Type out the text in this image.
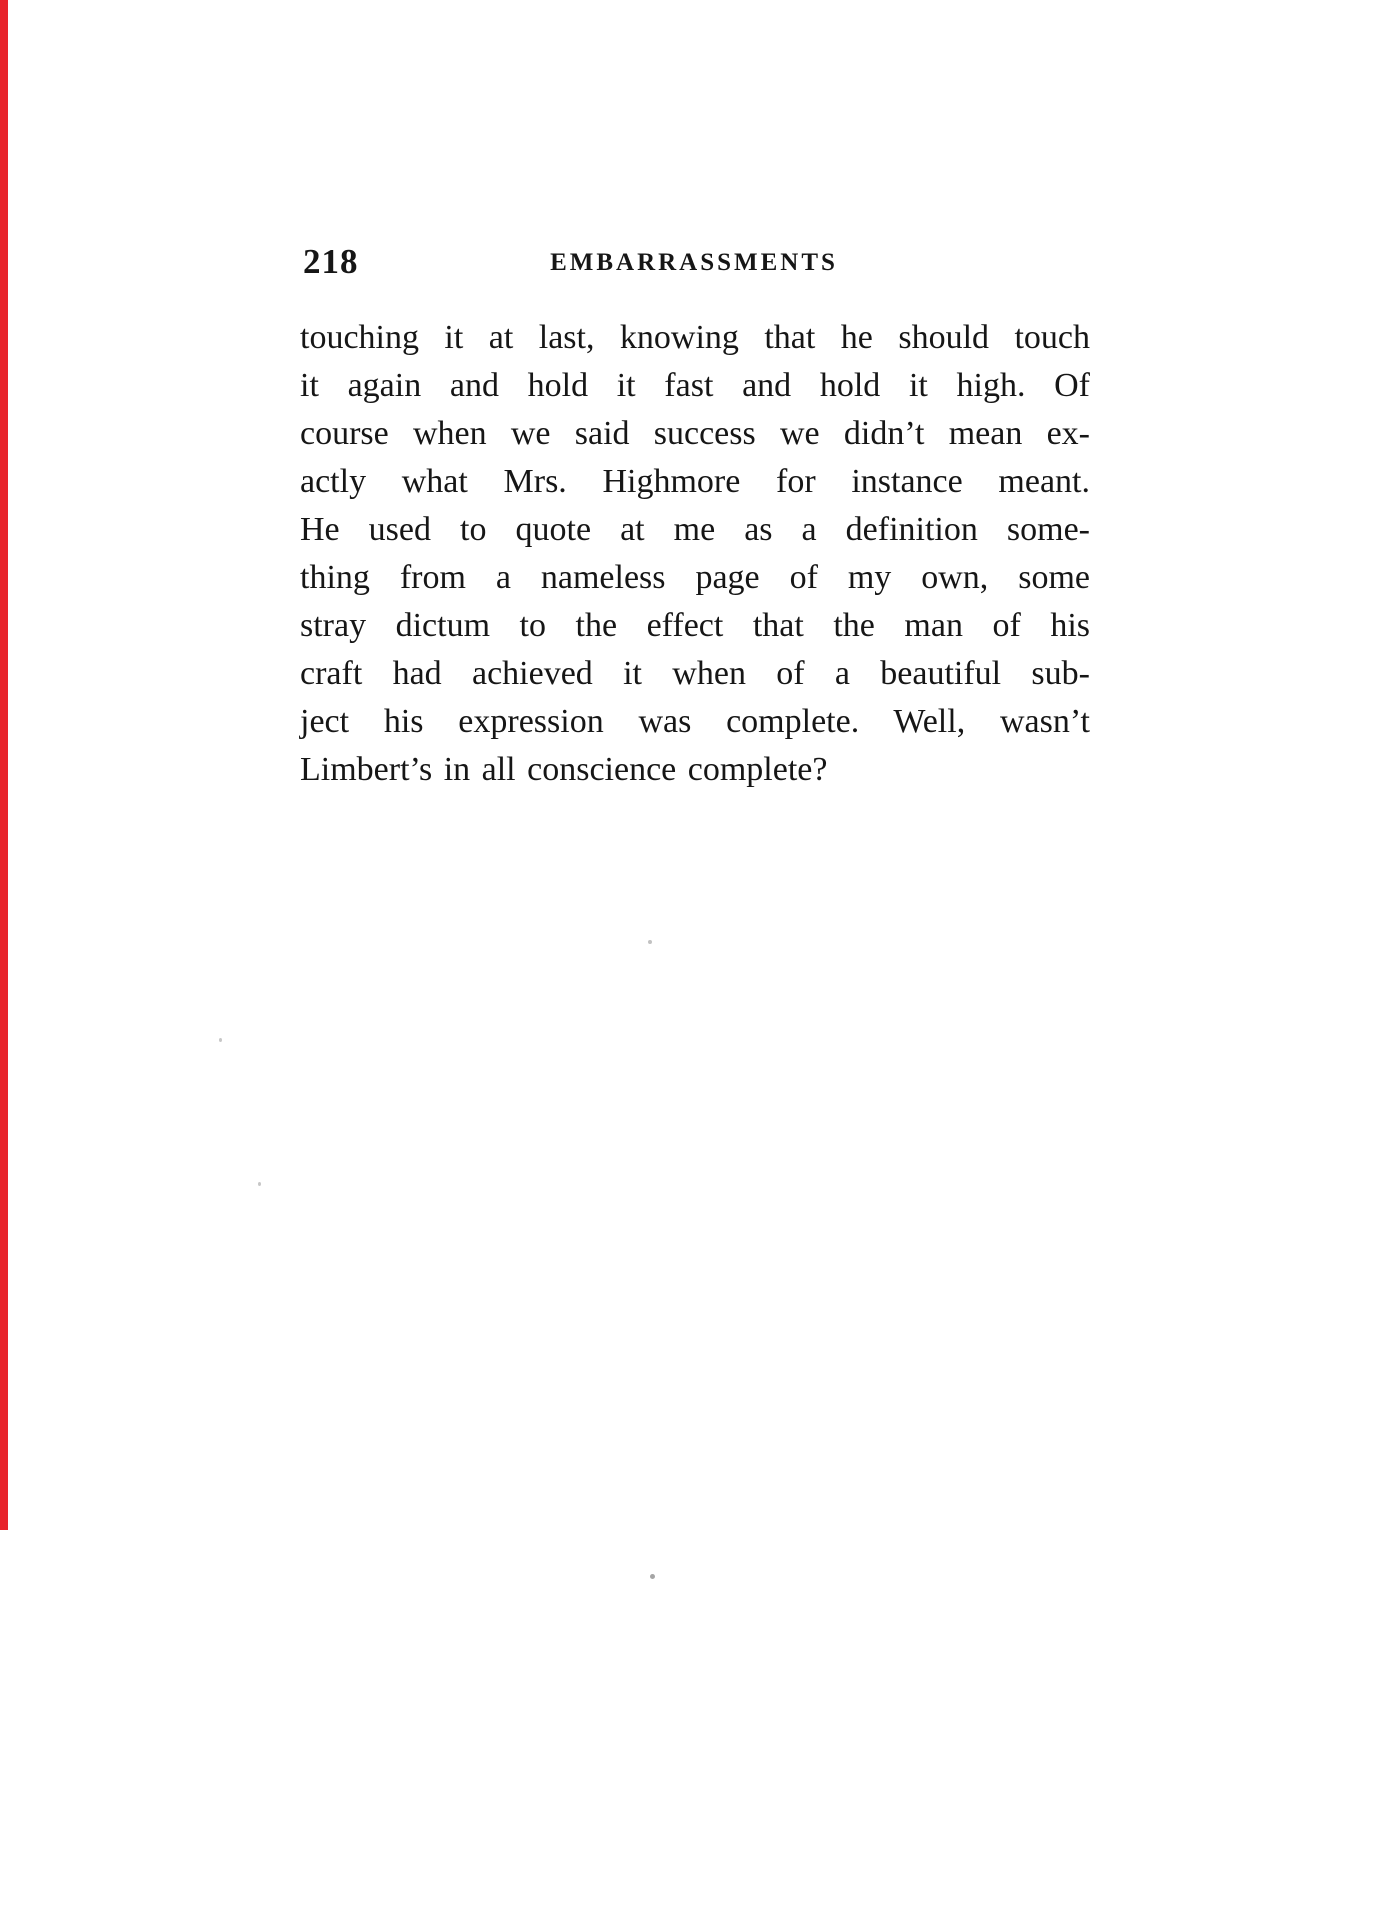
218	EMBARRASSMENTS
touching it at last, knowing that he should touch
it again and hold it fast and hold it high. Of
course when we said success we didn’t mean ex-
actly what Mrs. Highmore for instance meant.
He used to quote at me as a definition some-
thing from a nameless page of my own, some
stray dictum to the effect that the man of his
craft had achieved it when of a beautiful sub-
ject his expression was complete. Well, wasn’t
Limbert’s in all conscience complete?
